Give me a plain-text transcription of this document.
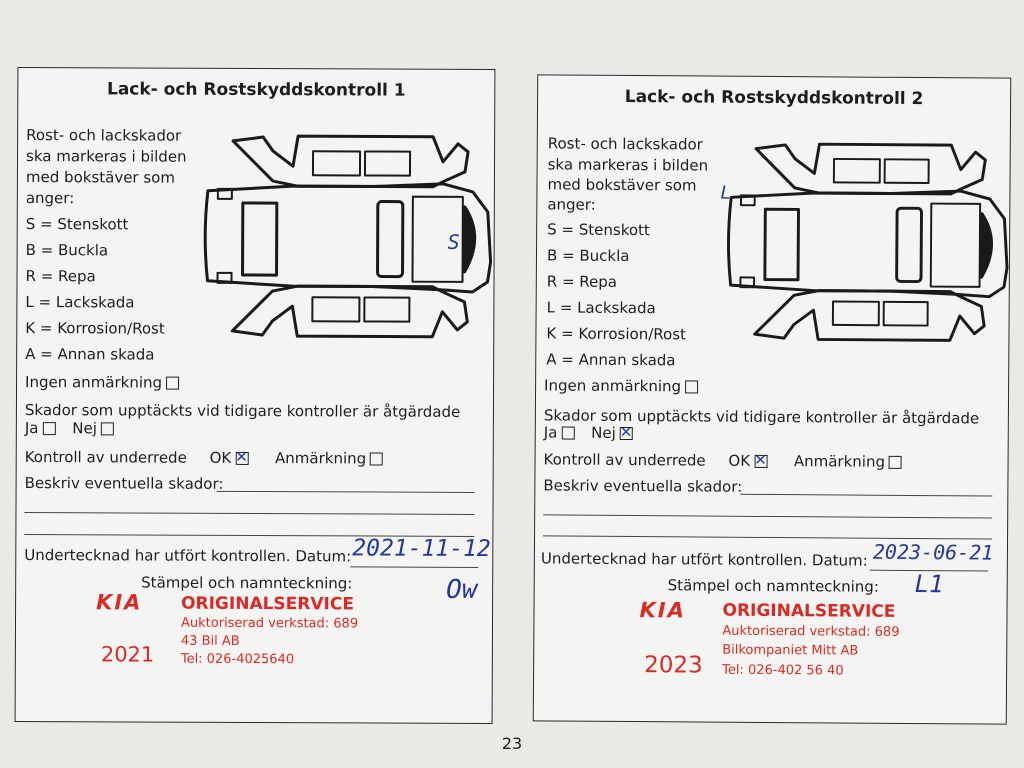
Lack- och Rostskyddskontroll 1
Rost- och lackskador
ska markeras i bilden
med bokstäver som
anger:
S = Stenskott
B = Buckla
R = Repa
L = Lackskada
K = Korrosion/Rost
A = Annan skada
S
Ingen anmärkning
Skador som upptäckts vid tidigare kontroller är åtgärdade
Ja Nej
Kontroll av underrede OK ✕	Anmärkning
Beskriv eventuella skador:
Undertecknad har utfört kontrollen. Datum: 2021-11-12
Stämpel och namnteckning:	Ow
KIA ORIGINALSERVICE
Auktoriserad verkstad: 689
43 Bil AB
Tel: 026-4025640
2021
Lack- och Rostskyddskontroll 2
Rost- och lackskador
ska markeras i bilden
med bokstäver som
anger:
S = Stenskott
B = Buckla
R = Repa
L = Lackskada
K = Korrosion/Rost
A = Annan skada
L
Ingen anmärkning
Skador som upptäckts vid tidigare kontroller är åtgärdade
Ja Nej✕
Kontroll av underrede OK ✕	Anmärkning
Beskriv eventuella skador:
Undertecknad har utfört kontrollen. Datum: 2023-06-21
Stämpel och namnteckning: L1
KIA ORIGINALSERVICE
Auktoriserad verkstad: 689
Bilkompaniet Mitt AB
Tel: 026-402 56 40
2023
23
